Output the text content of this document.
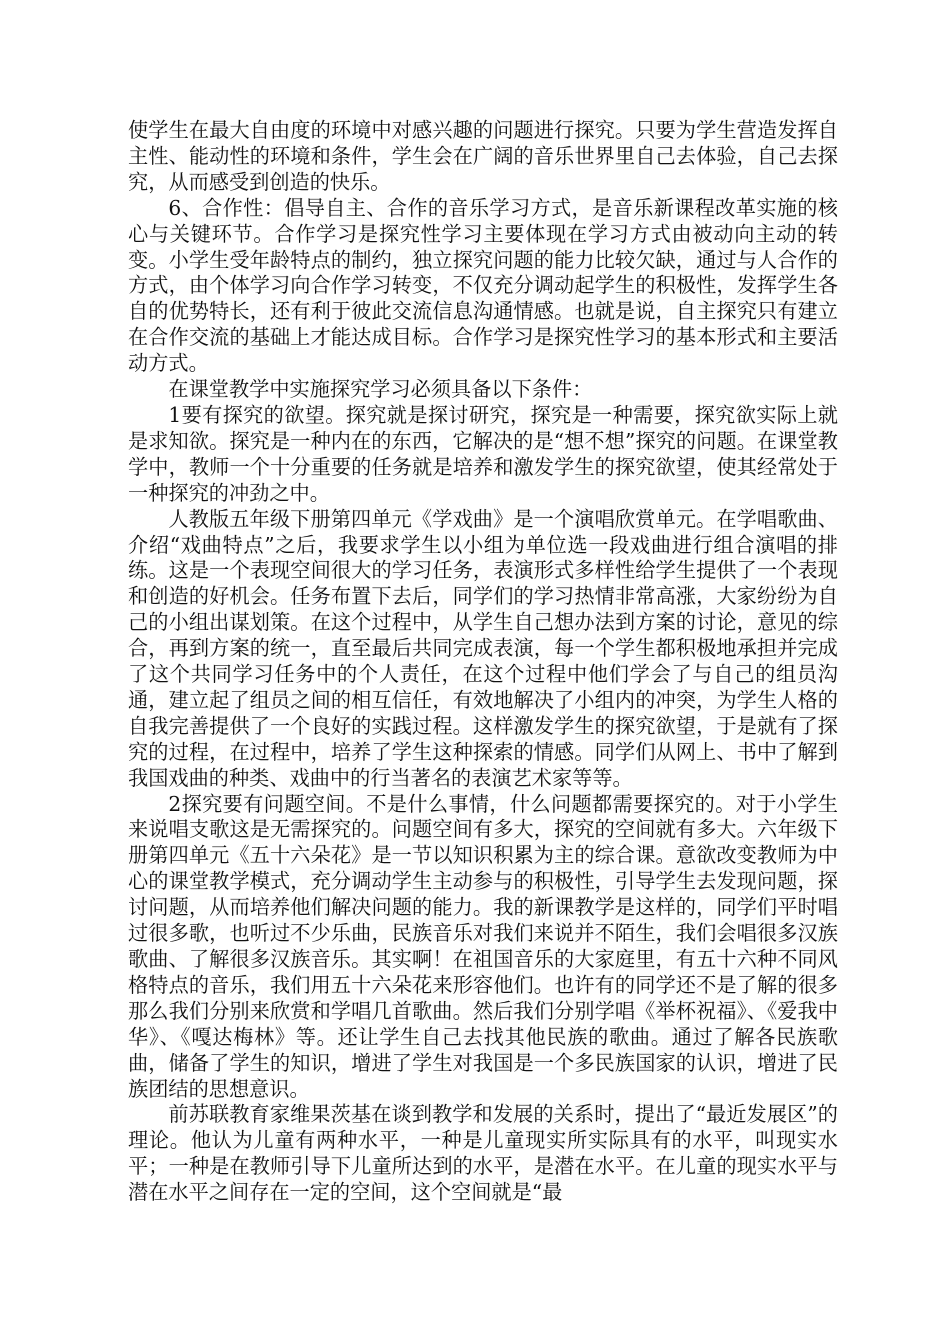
使学生在最大自由度的环境中对感兴趣的问题进行探究。只要为学生营造发挥自主性、能动性的环境和条件，学生会在广阔的音乐世界里自己去体验，自己去探究，从而感受到创造的快乐。

6、合作性：倡导自主、合作的音乐学习方式，是音乐新课程改革实施的核心与关键环节。合作学习是探究性学习主要体现在学习方式由被动向主动的转变。小学生受年龄特点的制约，独立探究问题的能力比较欠缺，通过与人合作的方式，由个体学习向合作学习转变，不仅充分调动起学生的积极性，发挥学生各自的优势特长，还有利于彼此交流信息沟通情感。也就是说，自主探究只有建立在合作交流的基础上才能达成目标。合作学习是探究性学习的基本形式和主要活动方式。

在课堂教学中实施探究学习必须具备以下条件：

1要有探究的欲望。探究就是探讨研究，探究是一种需要，探究欲实际上就是求知欲。探究是一种内在的东西，它解决的是“想不想”探究的问题。在课堂教学中，教师一个十分重要的任务就是培养和激发学生的探究欲望，使其经常处于一种探究的冲劲之中。

人教版五年级下册第四单元《学戏曲》是一个演唱欣赏单元。在学唱歌曲、介绍“戏曲特点”之后，我要求学生以小组为单位选一段戏曲进行组合演唱的排练。这是一个表现空间很大的学习任务，表演形式多样性给学生提供了一个表现和创造的好机会。任务布置下去后，同学们的学习热情非常高涨，大家纷纷为自己的小组出谋划策。在这个过程中，从学生自己想办法到方案的讨论，意见的综合，再到方案的统一，直至最后共同完成表演，每一个学生都积极地承担并完成了这个共同学习任务中的个人责任，在这个过程中他们学会了与自己的组员沟通，建立起了组员之间的相互信任，有效地解决了小组内的冲突，为学生人格的自我完善提供了一个良好的实践过程。这样激发学生的探究欲望，于是就有了探究的过程，在过程中，培养了学生这种探索的情感。同学们从网上、书中了解到我国戏曲的种类、戏曲中的行当著名的表演艺术家等等。

2探究要有问题空间。不是什么事情，什么问题都需要探究的。对于小学生来说唱支歌这是无需探究的。问题空间有多大，探究的空间就有多大。六年级下册第四单元《五十六朵花》是一节以知识积累为主的综合课。意欲改变教师为中心的课堂教学模式，充分调动学生主动参与的积极性，引导学生去发现问题，探讨问题，从而培养他们解决问题的能力。我的新课教学是这样的，同学们平时唱过很多歌，也听过不少乐曲，民族音乐对我们来说并不陌生，我们会唱很多汉族歌曲、了解很多汉族音乐。其实啊！在祖国音乐的大家庭里，有五十六种不同风格特点的音乐，我们用五十六朵花来形容他们。也许有的同学还不是了解的很多那么我们分别来欣赏和学唱几首歌曲。然后我们分别学唱《举杯祝福》、《爱我中华》、《嘎达梅林》等。还让学生自己去找其他民族的歌曲。通过了解各民族歌曲，储备了学生的知识，增进了学生对我国是一个多民族国家的认识，增进了民族团结的思想意识。

前苏联教育家维果茨基在谈到教学和发展的关系时，提出了“最近发展区”的理论。他认为儿童有两种水平，一种是儿童现实所实际具有的水平，叫现实水平；一种是在教师引导下儿童所达到的水平，是潜在水平。在儿童的现实水平与潜在水平之间存在一定的空间，这个空间就是“最
